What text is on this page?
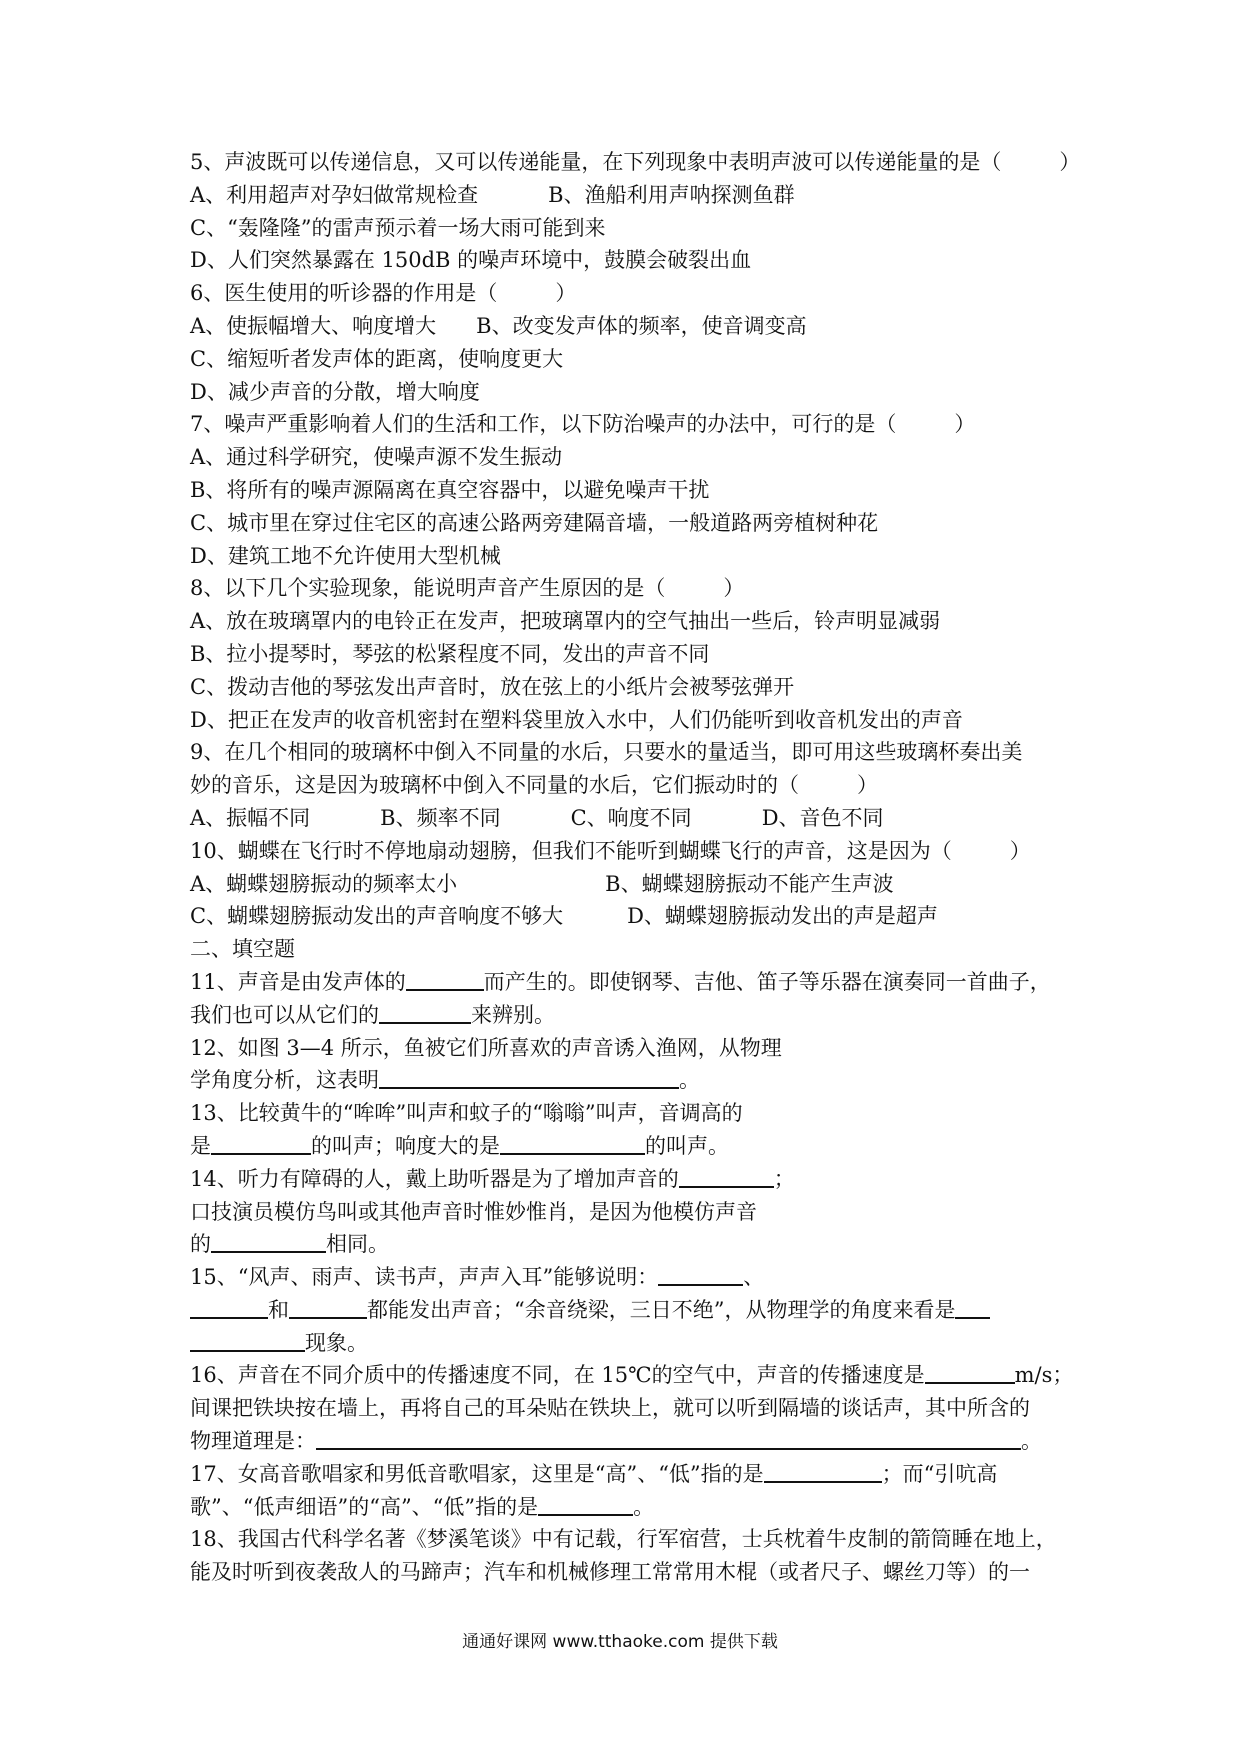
5、声波既可以传递信息，又可以传递能量，在下列现象中表明声波可以传递能量的是（	）
A、利用超声对孕妇做常规检查	B、渔船利用声呐探测鱼群
C、“轰隆隆”的雷声预示着一场大雨可能到来
D、人们突然暴露在 150dB 的噪声环境中，鼓膜会破裂出血
6、医生使用的听诊器的作用是（	）
A、使振幅增大、响度增大 B、改变发声体的频率，使音调变高
C、缩短听者发声体的距离，使响度更大
D、减少声音的分散，增大响度
7、噪声严重影响着人们的生活和工作，以下防治噪声的办法中，可行的是（	）
A、通过科学研究，使噪声源不发生振动
B、将所有的噪声源隔离在真空容器中，以避免噪声干扰
C、城市里在穿过住宅区的高速公路两旁建隔音墙，一般道路两旁植树种花
D、建筑工地不允许使用大型机械
8、以下几个实验现象，能说明声音产生原因的是（	）
A、放在玻璃罩内的电铃正在发声，把玻璃罩内的空气抽出一些后，铃声明显减弱
B、拉小提琴时，琴弦的松紧程度不同，发出的声音不同
C、拨动吉他的琴弦发出声音时，放在弦上的小纸片会被琴弦弹开
D、把正在发声的收音机密封在塑料袋里放入水中，人们仍能听到收音机发出的声音
9、在几个相同的玻璃杯中倒入不同量的水后，只要水的量适当，即可用这些玻璃杯奏出美
妙的音乐，这是因为玻璃杯中倒入不同量的水后，它们振动时的（	）
A、振幅不同	B、频率不同	C、响度不同	D、音色不同
10、蝴蝶在飞行时不停地扇动翅膀，但我们不能听到蝴蝶飞行的声音，这是因为（	）
A、蝴蝶翅膀振动的频率太小	B、蝴蝶翅膀振动不能产生声波
C、蝴蝶翅膀振动发出的声音响度不够大	D、蝴蝶翅膀振动发出的声是超声
二、填空题
11、声音是由发声体的	而产生的。即使钢琴、吉他、笛子等乐器在演奏同一首曲子，
我们也可以从它们的	来辨别。
12、如图 3—4 所示，鱼被它们所喜欢的声音诱入渔网，从物理
学角度分析，这表明	。
13、比较黄牛的“哞哞”叫声和蚊子的“嗡嗡”叫声，音调高的
是	的叫声；响度大的是	的叫声。
14、听力有障碍的人，戴上助听器是为了增加声音的	；
口技演员模仿鸟叫或其他声音时惟妙惟肖，是因为他模仿声音
的	相同。
15、“风声、雨声、读书声，声声入耳”能够说明：	、
和	都能发出声音；“余音绕梁，三日不绝”，从物理学的角度来看是
现象。
16、声音在不同介质中的传播速度不同，在 15℃的空气中，声音的传播速度是	m/s；
间课把铁块按在墙上，再将自己的耳朵贴在铁块上，就可以听到隔墙的谈话声，其中所含的
物理道理是：	。
17、女高音歌唱家和男低音歌唱家，这里是“高”、“低”指的是	；而“引吭高
歌”、“低声细语”的“高”、“低”指的是	。
18、我国古代科学名著《梦溪笔谈》中有记载，行军宿营，士兵枕着牛皮制的箭筒睡在地上，
能及时听到夜袭敌人的马蹄声；汽车和机械修理工常常用木棍（或者尺子、螺丝刀等）的一
通通好课网 www.tthaoke.com 提供下载
